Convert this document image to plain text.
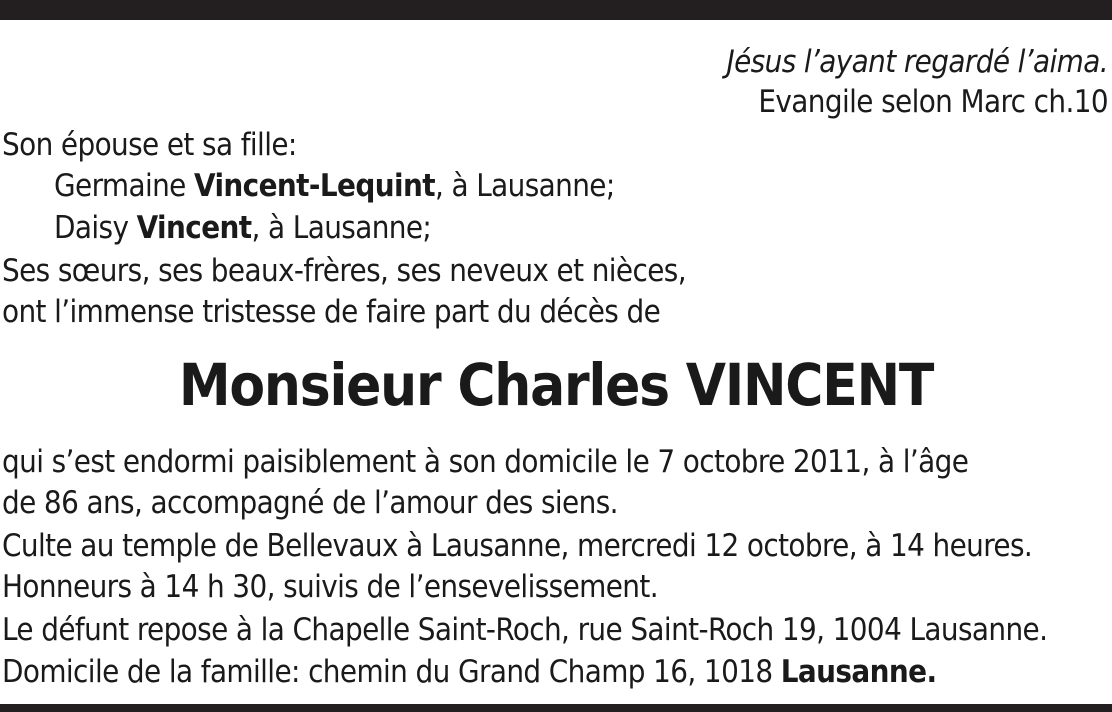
Jésus l’ayant regardé l’aima.
Evangile selon Marc ch.10
Son épouse et sa fille:
Germaine Vincent-Lequint, à Lausanne;
Daisy Vincent, à Lausanne;
Ses sœurs, ses beaux-frères, ses neveux et nièces,
ont l’immense tristesse de faire part du décès de
Monsieur Charles VINCENT
qui s’est endormi paisiblement à son domicile le 7 octobre 2011, à l’âge
de 86 ans, accompagné de l’amour des siens.
Culte au temple de Bellevaux à Lausanne, mercredi 12 octobre, à 14 heures.
Honneurs à 14 h 30, suivis de l’ensevelissement.
Le défunt repose à la Chapelle Saint-Roch, rue Saint-Roch 19, 1004 Lausanne.
Domicile de la famille: chemin du Grand Champ 16, 1018 Lausanne.
